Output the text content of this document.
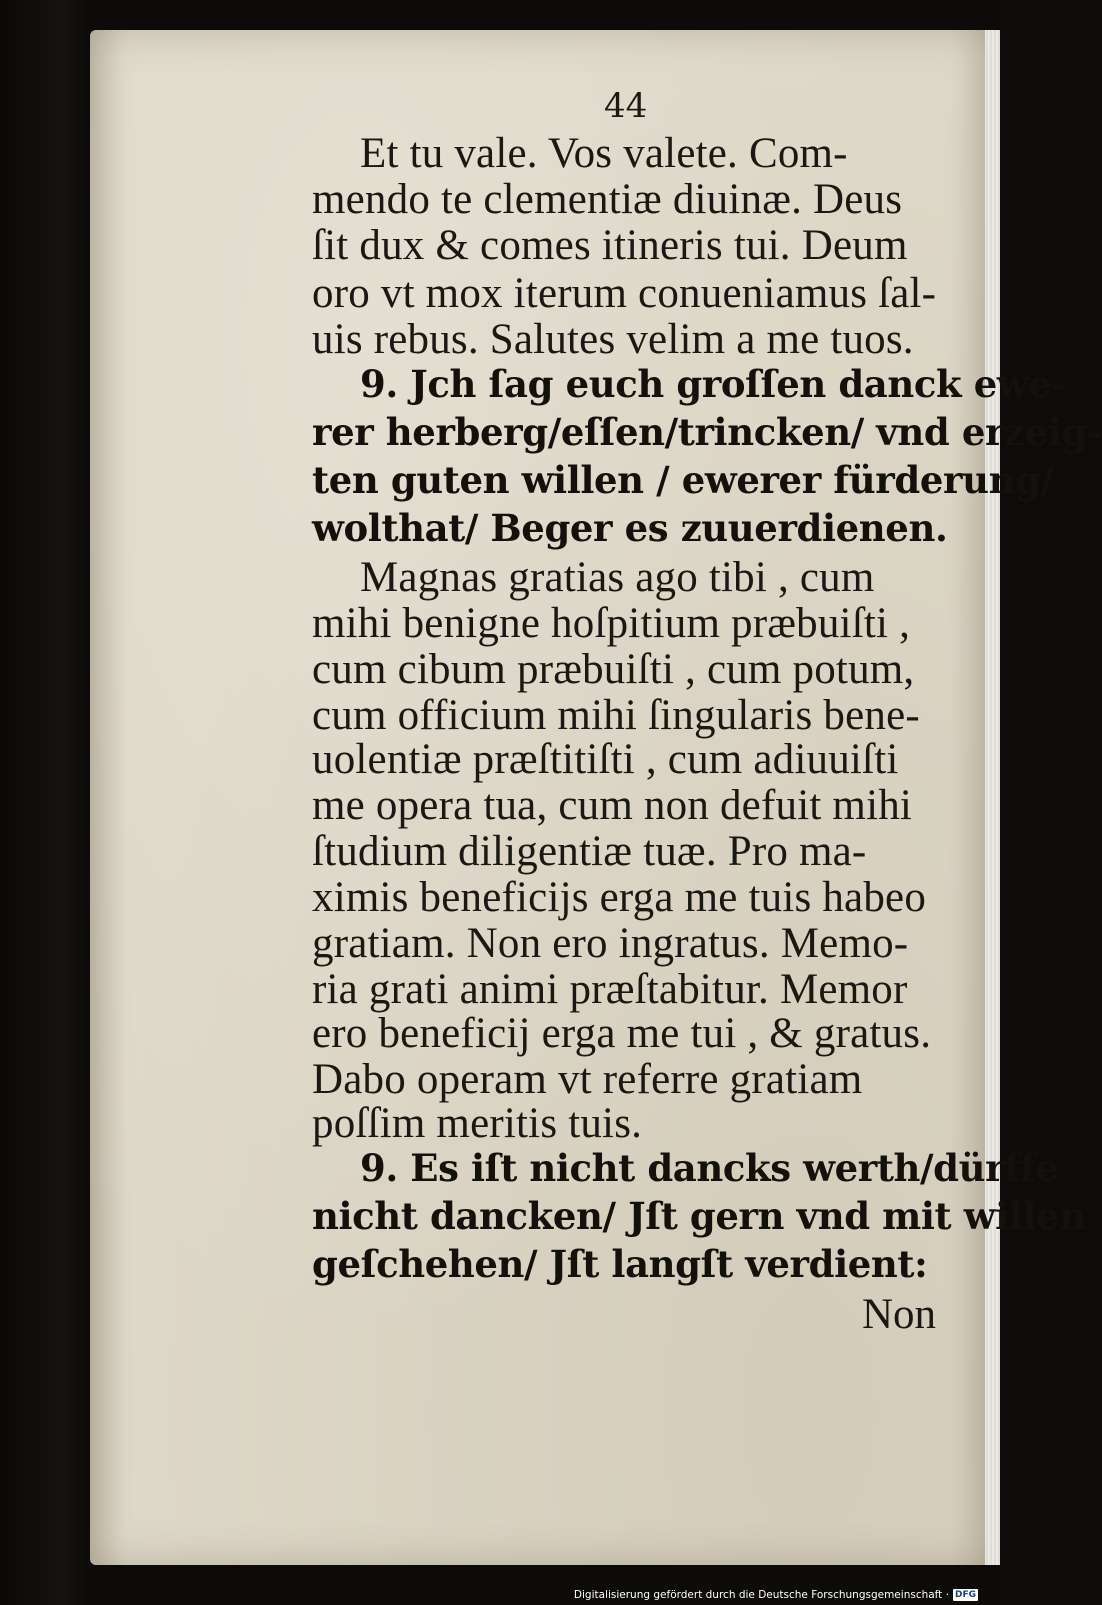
44
Et tu vale. Vos valete. Com‑
mendo te clementiæ diuinæ. Deus
ſit dux & comes itineris tui. Deum
oro vt mox iterum conueniamus ſal‑
uis rebus. Salutes velim a me tuos.
9. Jch ſag euch groſſen danck ewe‑
rer herberg/eſſen/trincken/ vnd erzeig‑
ten guten willen / ewerer fürderung/
wolthat/ Beger es zuuerdienen.
Magnas gratias ago tibi , cum
mihi benigne hoſpitium præbuiſti ,
cum cibum præbuiſti , cum potum,
cum officium mihi ſingularis bene‑
uolentiæ præſtitiſti , cum adiuuiſti
me opera tua, cum non defuit mihi
ſtudium diligentiæ tuæ. Pro ma‑
ximis beneficijs erga me tuis habeo
gratiam. Non ero ingratus. Memo‑
ria grati animi præſtabitur. Memor
ero beneficij erga me tui , & gratus.
Dabo operam vt referre gratiam
poſſim meritis tuis.
9. Es iſt nicht dancks werth/dürffe
nicht dancken/ Jſt gern vnd mit willen
geſchehen/ Jſt langſt verdient:
Non
Digitalisierung gefördert durch die Deutsche Forschungsgemeinschaft · DFG
